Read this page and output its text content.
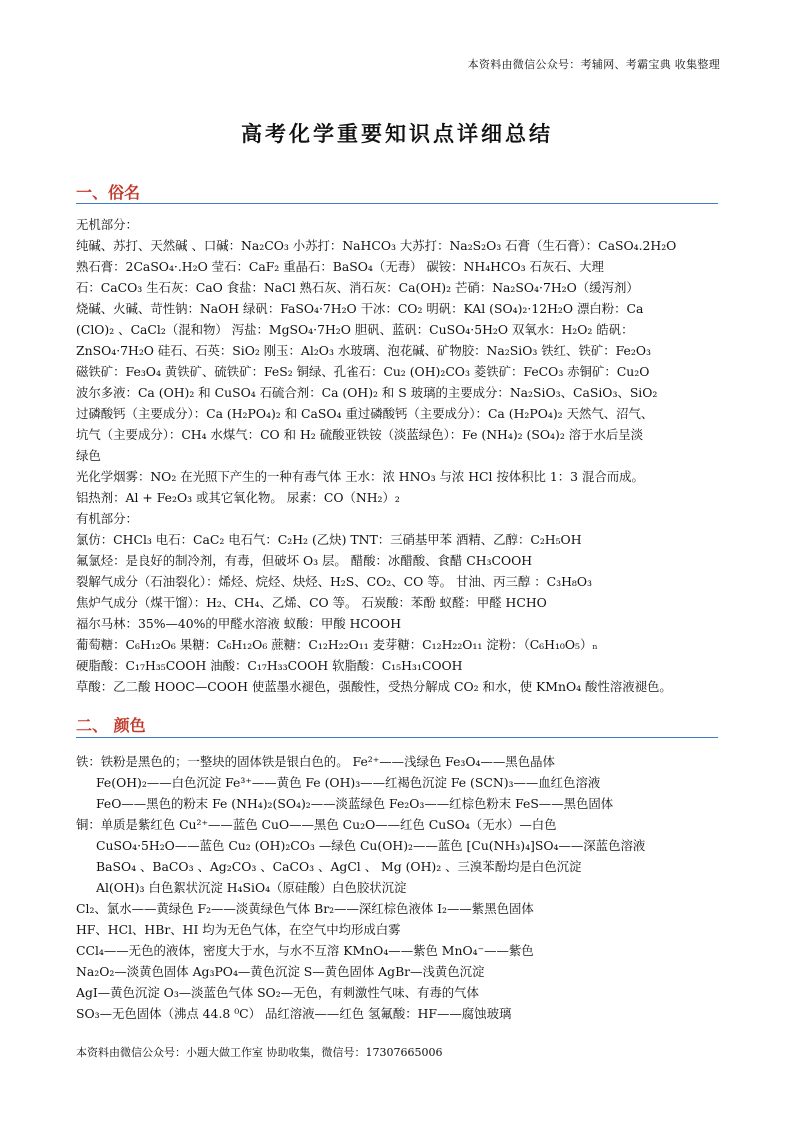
本资料由微信公众号：考辅网、考霸宝典 收集整理
高考化学重要知识点详细总结
一、俗名
无机部分：
纯碱、苏打、天然碱 、口碱：Na₂CO₃ 小苏打：NaHCO₃ 大苏打：Na₂S₂O₃ 石膏（生石膏）：CaSO₄.2H₂O
熟石膏：2CaSO₄·.H₂O 莹石：CaF₂ 重晶石：BaSO₄（无毒） 碳铵：NH₄HCO₃ 石灰石、大理
石：CaCO₃ 生石灰：CaO 食盐：NaCl 熟石灰、消石灰：Ca(OH)₂ 芒硝：Na₂SO₄·7H₂O（缓泻剂）
烧碱、火碱、苛性钠：NaOH 绿矾：FaSO₄·7H₂O 干冰：CO₂ 明矾：KAl (SO₄)₂·12H₂O 漂白粉：Ca
(ClO)₂ 、CaCl₂（混和物） 泻盐：MgSO₄·7H₂O 胆矾、蓝矾：CuSO₄·5H₂O 双氧水：H₂O₂ 皓矾：
ZnSO₄·7H₂O 硅石、石英：SiO₂ 刚玉：Al₂O₃ 水玻璃、泡花碱、矿物胶：Na₂SiO₃ 铁红、铁矿：Fe₂O₃
磁铁矿：Fe₃O₄ 黄铁矿、硫铁矿：FeS₂ 铜绿、孔雀石：Cu₂ (OH)₂CO₃ 菱铁矿：FeCO₃ 赤铜矿：Cu₂O
波尔多液：Ca (OH)₂ 和 CuSO₄ 石硫合剂：Ca (OH)₂ 和 S 玻璃的主要成分：Na₂SiO₃、CaSiO₃、SiO₂
过磷酸钙（主要成分）：Ca (H₂PO₄)₂ 和 CaSO₄ 重过磷酸钙（主要成分）：Ca (H₂PO₄)₂ 天然气、沼气、
坑气（主要成分）：CH₄ 水煤气：CO 和 H₂ 硫酸亚铁铵（淡蓝绿色）：Fe (NH₄)₂ (SO₄)₂ 溶于水后呈淡
绿色
光化学烟雾：NO₂ 在光照下产生的一种有毒气体 王水：浓 HNO₃ 与浓 HCl 按体积比 1：3 混合而成。
铝热剂：Al + Fe₂O₃ 或其它氧化物。 尿素：CO（NH₂）₂
有机部分：
氯仿：CHCl₃ 电石：CaC₂ 电石气：C₂H₂ (乙炔) TNT：三硝基甲苯 酒精、乙醇：C₂H₅OH
氟氯烃：是良好的制冷剂，有毒，但破坏 O₃ 层。 醋酸：冰醋酸、食醋 CH₃COOH
裂解气成分（石油裂化）：烯烃、烷烃、炔烃、H₂S、CO₂、CO 等。 甘油、丙三醇 ：C₃H₈O₃
焦炉气成分（煤干馏）：H₂、CH₄、乙烯、CO 等。 石炭酸：苯酚 蚁醛：甲醛 HCHO
福尔马林：35%—40%的甲醛水溶液 蚁酸：甲酸 HCOOH
葡萄糖：C₆H₁₂O₆ 果糖：C₆H₁₂O₆ 蔗糖：C₁₂H₂₂O₁₁ 麦芽糖：C₁₂H₂₂O₁₁ 淀粉：（C₆H₁₀O₅）ₙ
硬脂酸：C₁₇H₃₅COOH 油酸：C₁₇H₃₃COOH 软脂酸：C₁₅H₃₁COOH
草酸：乙二酸 HOOC—COOH 使蓝墨水褪色，强酸性，受热分解成 CO₂ 和水，使 KMnO₄ 酸性溶液褪色。
二、 颜色
铁：铁粉是黑色的；一整块的固体铁是银白色的。 Fe²⁺——浅绿色 Fe₃O₄——黑色晶体
Fe(OH)₂——白色沉淀 Fe³⁺——黄色 Fe (OH)₃——红褐色沉淀 Fe (SCN)₃——血红色溶液
FeO——黑色的粉末 Fe (NH₄)₂(SO₄)₂——淡蓝绿色 Fe₂O₃——红棕色粉末 FeS——黑色固体
铜：单质是紫红色 Cu²⁺——蓝色 CuO——黑色 Cu₂O——红色 CuSO₄（无水）—白色
CuSO₄·5H₂O——蓝色 Cu₂ (OH)₂CO₃ —绿色 Cu(OH)₂——蓝色 [Cu(NH₃)₄]SO₄——深蓝色溶液
BaSO₄ 、BaCO₃ 、Ag₂CO₃ 、CaCO₃ 、AgCl 、 Mg (OH)₂ 、三溴苯酚均是白色沉淀
Al(OH)₃ 白色絮状沉淀 H₄SiO₄（原硅酸）白色胶状沉淀
Cl₂、氯水——黄绿色 F₂——淡黄绿色气体 Br₂——深红棕色液体 I₂——紫黑色固体
HF、HCl、HBr、HI 均为无色气体，在空气中均形成白雾
CCl₄——无色的液体，密度大于水，与水不互溶 KMnO₄——紫色 MnO₄⁻——紫色
Na₂O₂—淡黄色固体 Ag₃PO₄—黄色沉淀 S—黄色固体 AgBr—浅黄色沉淀
AgI—黄色沉淀 O₃—淡蓝色气体 SO₂—无色，有刺激性气味、有毒的气体
SO₃—无色固体（沸点 44.8 ⁰C） 品红溶液——红色 氢氟酸：HF——腐蚀玻璃
本资料由微信公众号：小题大做工作室 协助收集，微信号：17307665006
